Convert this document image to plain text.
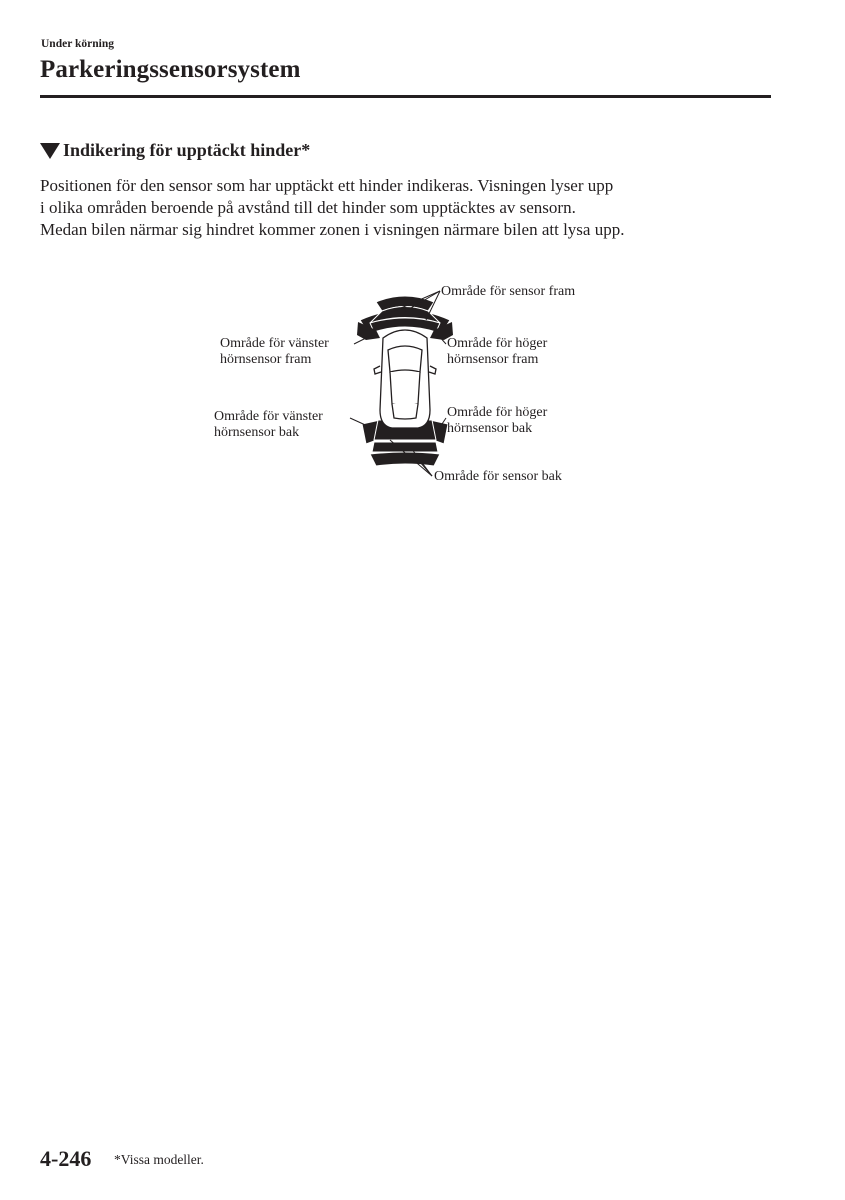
Under körning
Parkeringssensorsystem
Indikering för upptäckt hinder*
Positionen för den sensor som har upptäckt ett hinder indikeras. Visningen lyser upp
i olika områden beroende på avstånd till det hinder som upptäcktes av sensorn.
Medan bilen närmar sig hindret kommer zonen i visningen närmare bilen att lysa upp.
Område för sensor fram
Område för vänster
hörnsensor fram
Område för höger
hörnsensor fram
Område för vänster
hörnsensor bak
Område för höger
hörnsensor bak
Område för sensor bak
4-246 *Vissa modeller.
